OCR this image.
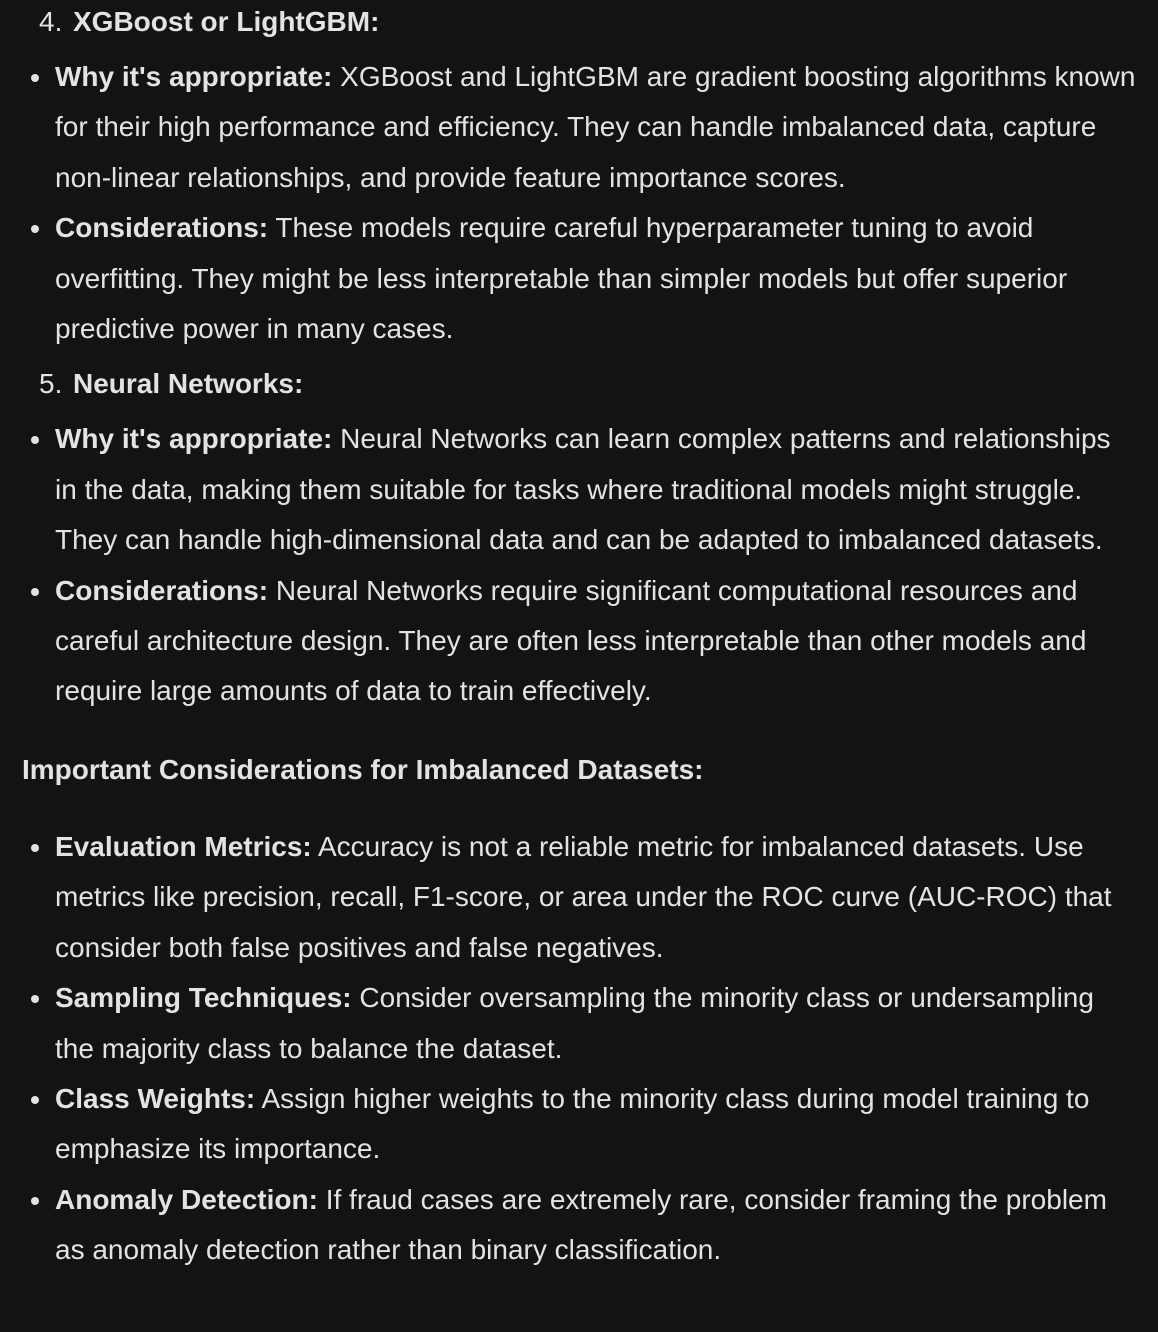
4. XGBoost or LightGBM:
Why it's appropriate: XGBoost and LightGBM are gradient boosting algorithms known for their high performance and efficiency. They can handle imbalanced data, capture non-linear relationships, and provide feature importance scores.
Considerations: These models require careful hyperparameter tuning to avoid overfitting. They might be less interpretable than simpler models but offer superior predictive power in many cases.
5. Neural Networks:
Why it's appropriate: Neural Networks can learn complex patterns and relationships in the data, making them suitable for tasks where traditional models might struggle. They can handle high-dimensional data and can be adapted to imbalanced datasets.
Considerations: Neural Networks require significant computational resources and careful architecture design. They are often less interpretable than other models and require large amounts of data to train effectively.
Important Considerations for Imbalanced Datasets:
Evaluation Metrics: Accuracy is not a reliable metric for imbalanced datasets. Use metrics like precision, recall, F1-score, or area under the ROC curve (AUC-ROC) that consider both false positives and false negatives.
Sampling Techniques: Consider oversampling the minority class or undersampling the majority class to balance the dataset.
Class Weights: Assign higher weights to the minority class during model training to emphasize its importance.
Anomaly Detection: If fraud cases are extremely rare, consider framing the problem as anomaly detection rather than binary classification.
